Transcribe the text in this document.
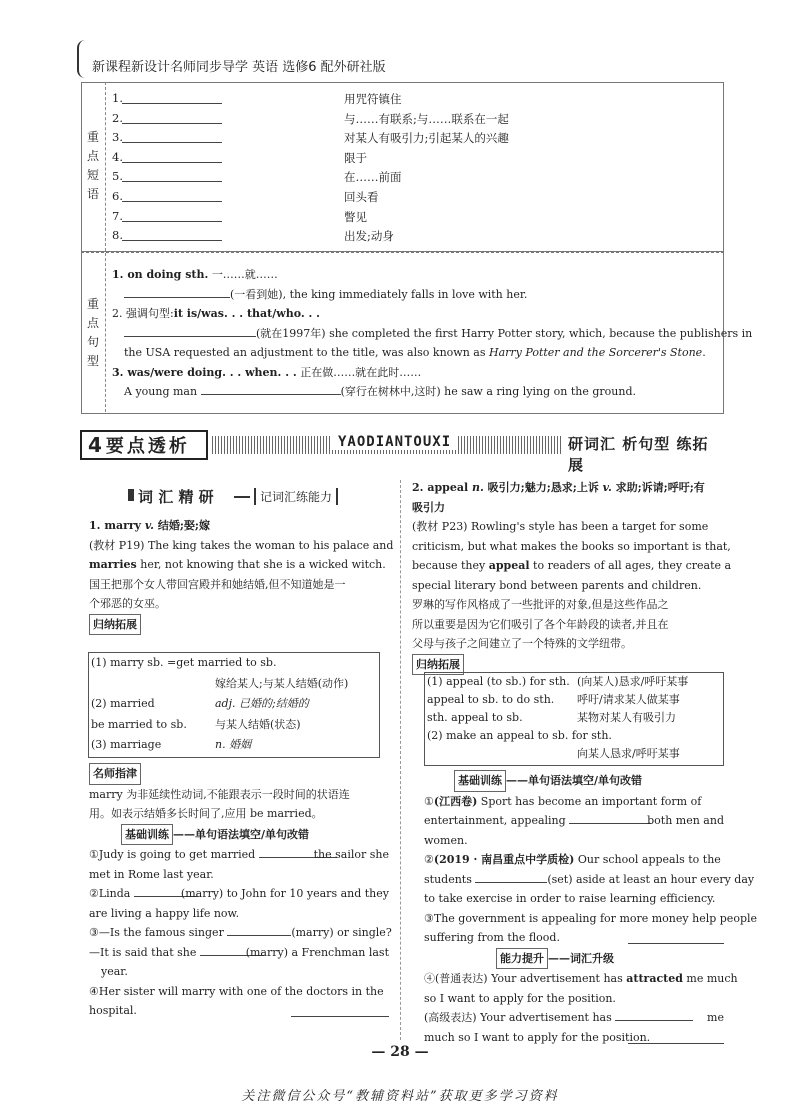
新课程新设计名师同步导学 英语 选修6 配外研社版
重
点
短
语
1.	用咒符镇住
2.	与……有联系;与……联系在一起
3.	对某人有吸引力;引起某人的兴趣
4.	限于
5.	在……前面
6.	回头看
7.	瞥见
8.	出发;动身
重
点
句
型
1. on doing sth. 一……就……
(一看到她), the king immediately falls in love with her.
2. 强调句型:it is/was. . . that/who. . .
(就在1997年) she completed the first Harry Potter story, which, because the publishers in
the USA requested an adjustment to the title, was also known as Harry Potter and the Sorcerer's Stone.
3. was/were doing. . . when. . . 正在做……就在此时……
A young man	(穿行在树林中,这时) he saw a ring lying on the ground.
4 要点透析	YAODIANTOUXI	研词汇 析句型 练拓展
词 汇 精 研	记词汇练能力
1. marry v. 结婚;娶;嫁
(教材 P19) The king takes the woman to his palace and
marries her, not knowing that she is a wicked witch.
国王把那个女人带回宫殿并和她结婚,但不知道她是一
个邪恶的女巫。
归纳拓展
(1) marry sb. =get married to sb.
嫁给某人;与某人结婚(动作)
(2) married	adj. 已婚的;结婚的
be married to sb.	与某人结婚(状态)
(3) marriage	n. 婚姻
名师指津
marry 为非延续性动词,不能跟表示一段时间的状语连
用。如表示结婚多长时间了,应用 be married。
基础训练 ——单句语法填空/单句改错
①Judy is going to get married	the sailor she
met in Rome last year.
②Linda	(marry) to John for 10 years and they
are living a happy life now.
③—Is the famous singer	(marry) or single?
—It is said that she	(marry) a Frenchman last
year.
④Her sister will marry with one of the doctors in the
hospital.
2. appeal n. 吸引力;魅力;恳求;上诉 v. 求助;诉请;呼吁;有
吸引力
(教材 P23) Rowling's style has been a target for some
criticism, but what makes the books so important is that,
because they appeal to readers of all ages, they create a
special literary bond between parents and children.
罗琳的写作风格成了一些批评的对象,但是这些作品之
所以重要是因为它们吸引了各个年龄段的读者,并且在
父母与孩子之间建立了一个特殊的文学纽带。
归纳拓展
(1) appeal (to sb.) for sth. (向某人)恳求/呼吁某事
appeal to sb. to do sth. 呼吁/请求某人做某事
sth. appeal to sb.	某物对某人有吸引力
(2) make an appeal to sb. for sth.
向某人恳求/呼吁某事
基础训练 ——单句语法填空/单句改错
①(江西卷) Sport has become an important form of
entertainment, appealing	both men and
women.
②(2019 · 南昌重点中学质检) Our school appeals to the
students	(set) aside at least an hour every day
to take exercise in order to raise learning efficiency.
③The government is appealing for more money help people
suffering from the flood.
能力提升 ——词汇升级
④(普通表达) Your advertisement has attracted me much
so I want to apply for the position.
(高级表达) Your advertisement has	me
much so I want to apply for the position.
— 28 —
关注微信公众号“教辅资料站”获取更多学习资料
